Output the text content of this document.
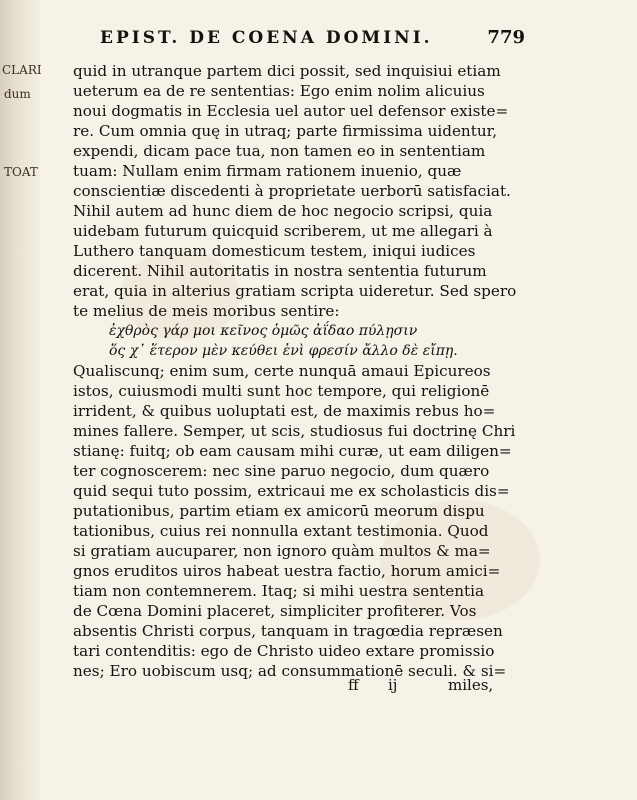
CLARI
dum
TOAT
EPIST. DE COENA DOMINI.	779
quid in utranque partem dici possit, sed inquisiui etiam
ueterum ea de re sententias: Ego enim nolim alicuius
noui dogmatis in Ecclesia uel autor uel defensor existe=
re. Cum omnia quę in utraq; parte firmissima uidentur,
expendi, dicam pace tua, non tamen eo in sententiam
tuam: Nullam enim firmam rationem inuenio, quæ
conscientiæ discedenti à proprietate uerborū satisfaciat.
Nihil autem ad hunc diem de hoc negocio scripsi, quia
uidebam futurum quicquid scriberem, ut me allegari à
Luthero tanquam domesticum testem, iniqui iudices
dicerent. Nihil autoritatis in nostra sententia futurum
erat, quia in alterius gratiam scripta uideretur. Sed spero
te melius de meis moribus sentire:
ἐχθρὸς γάρ μοι κεῖνος ὁμῶς ἀΐδαο πύλῃσιν
ὅς χ᾽ ἕτερον μὲν κεύθει ἐνὶ φρεσίν ἄλλο δὲ εἴπῃ.
Qualiscunq; enim sum, certe nunquā amaui Epicureos
istos, cuiusmodi multi sunt hoc tempore, qui religionē
irrident, & quibus uoluptati est, de maximis rebus ho=
mines fallere. Semper, ut scis, studiosus fui doctrinę Chri
stianę: fuitq; ob eam causam mihi curæ, ut eam diligen=
ter cognoscerem: nec sine paruo negocio, dum quæro
quid sequi tuto possim, extricaui me ex scholasticis dis=
putationibus, partim etiam ex amicorū meorum dispu
tationibus, cuius rei nonnulla extant testimonia. Quod
si gratiam aucuparer, non ignoro quàm multos & ma=
gnos eruditos uiros habeat uestra factio, horum amici=
tiam non contemnerem. Itaq; si mihi uestra sententia
de Cœna Domini placeret, simpliciter profiterer. Vos
absentis Christi corpus, tanquam in tragœdia repræsen
tari contenditis: ego de Christo uideo extare promissio
nes; Ero uobiscum usq; ad consummationē seculi. & si=
ff ij	miles,
